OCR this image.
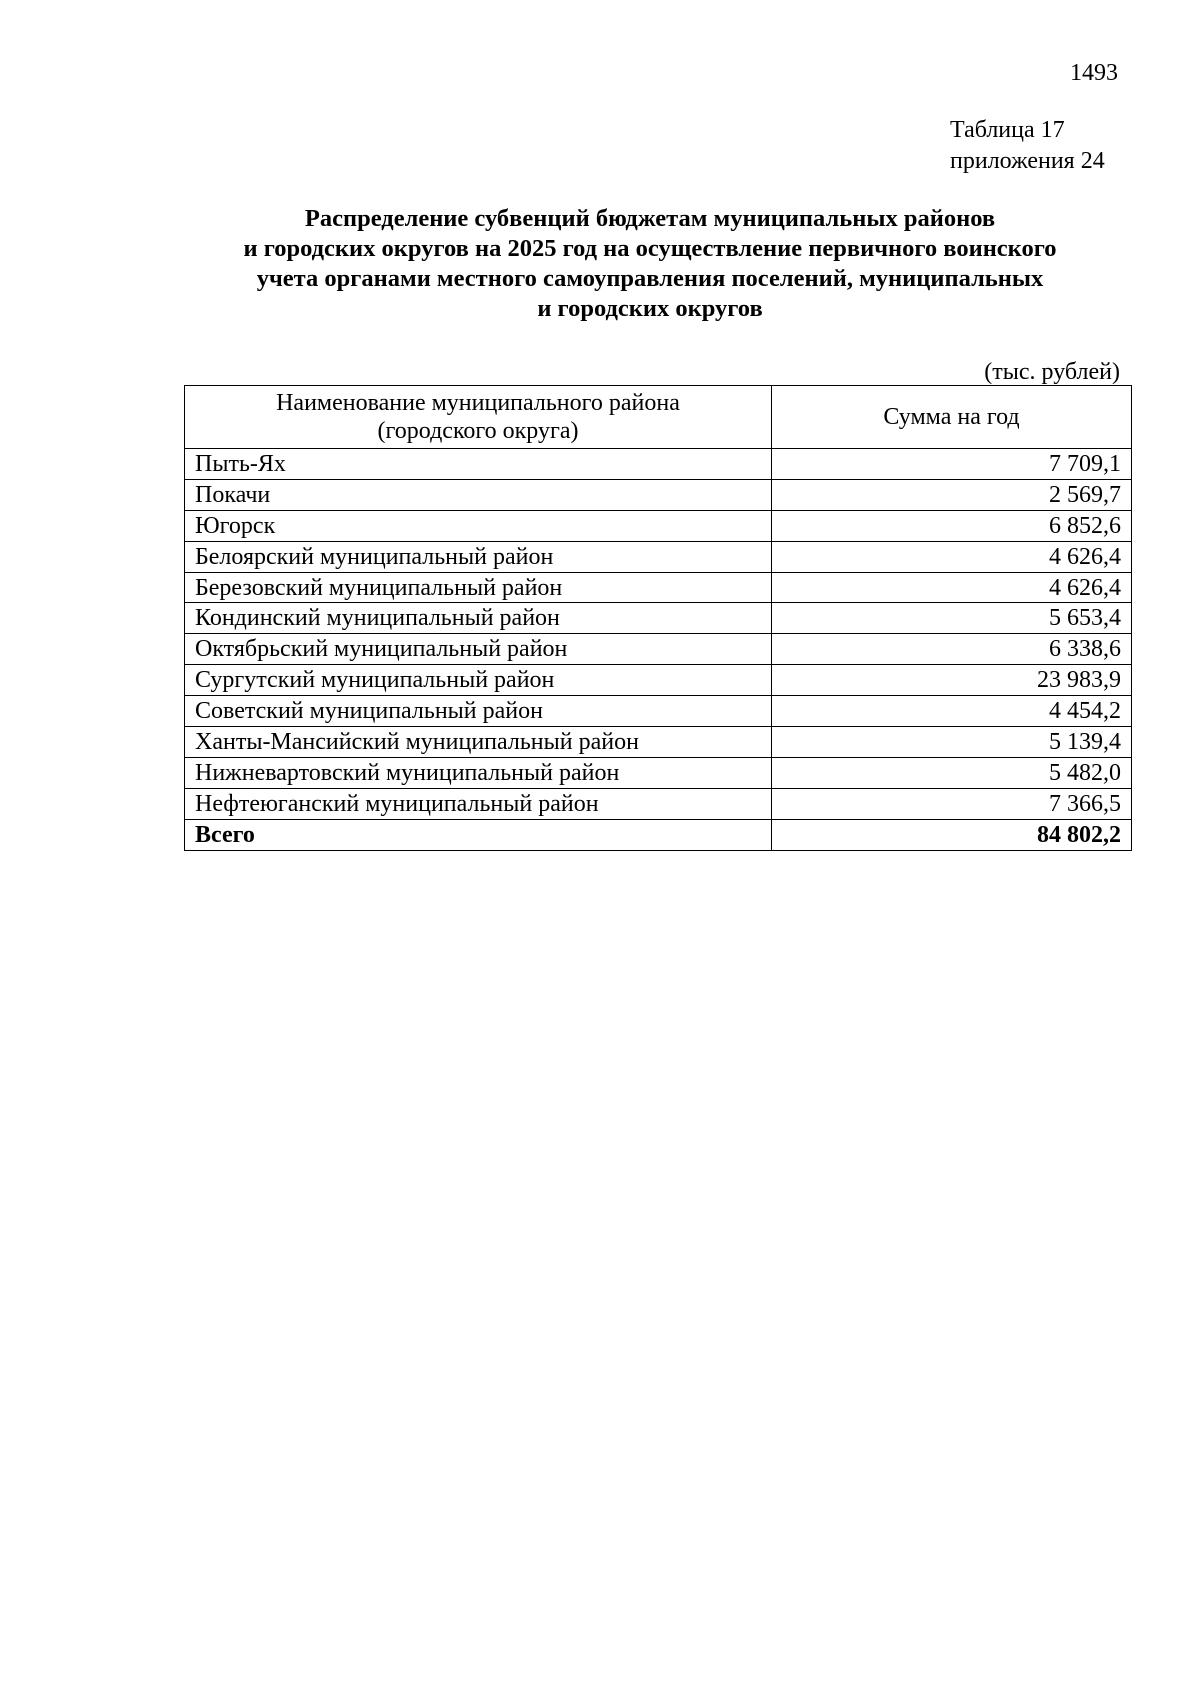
1493
Таблица 17
приложения 24
Распределение субвенций бюджетам муниципальных районов
и городских округов на 2025 год на осуществление первичного воинского
учета органами местного самоуправления поселений, муниципальных
и городских округов
(тыс. рублей)
Наименование муниципального района
(городского округа)	Сумма на год
Пыть-Ях	7 709,1
Покачи	2 569,7
Югорск	6 852,6
Белоярский муниципальный район	4 626,4
Березовский муниципальный район	4 626,4
Кондинский муниципальный район	5 653,4
Октябрьский муниципальный район	6 338,6
Сургутский муниципальный район	23 983,9
Советский муниципальный район	4 454,2
Ханты-Мансийский муниципальный район	5 139,4
Нижневартовский муниципальный район	5 482,0
Нефтеюганский муниципальный район	7 366,5
Всего	84 802,2
